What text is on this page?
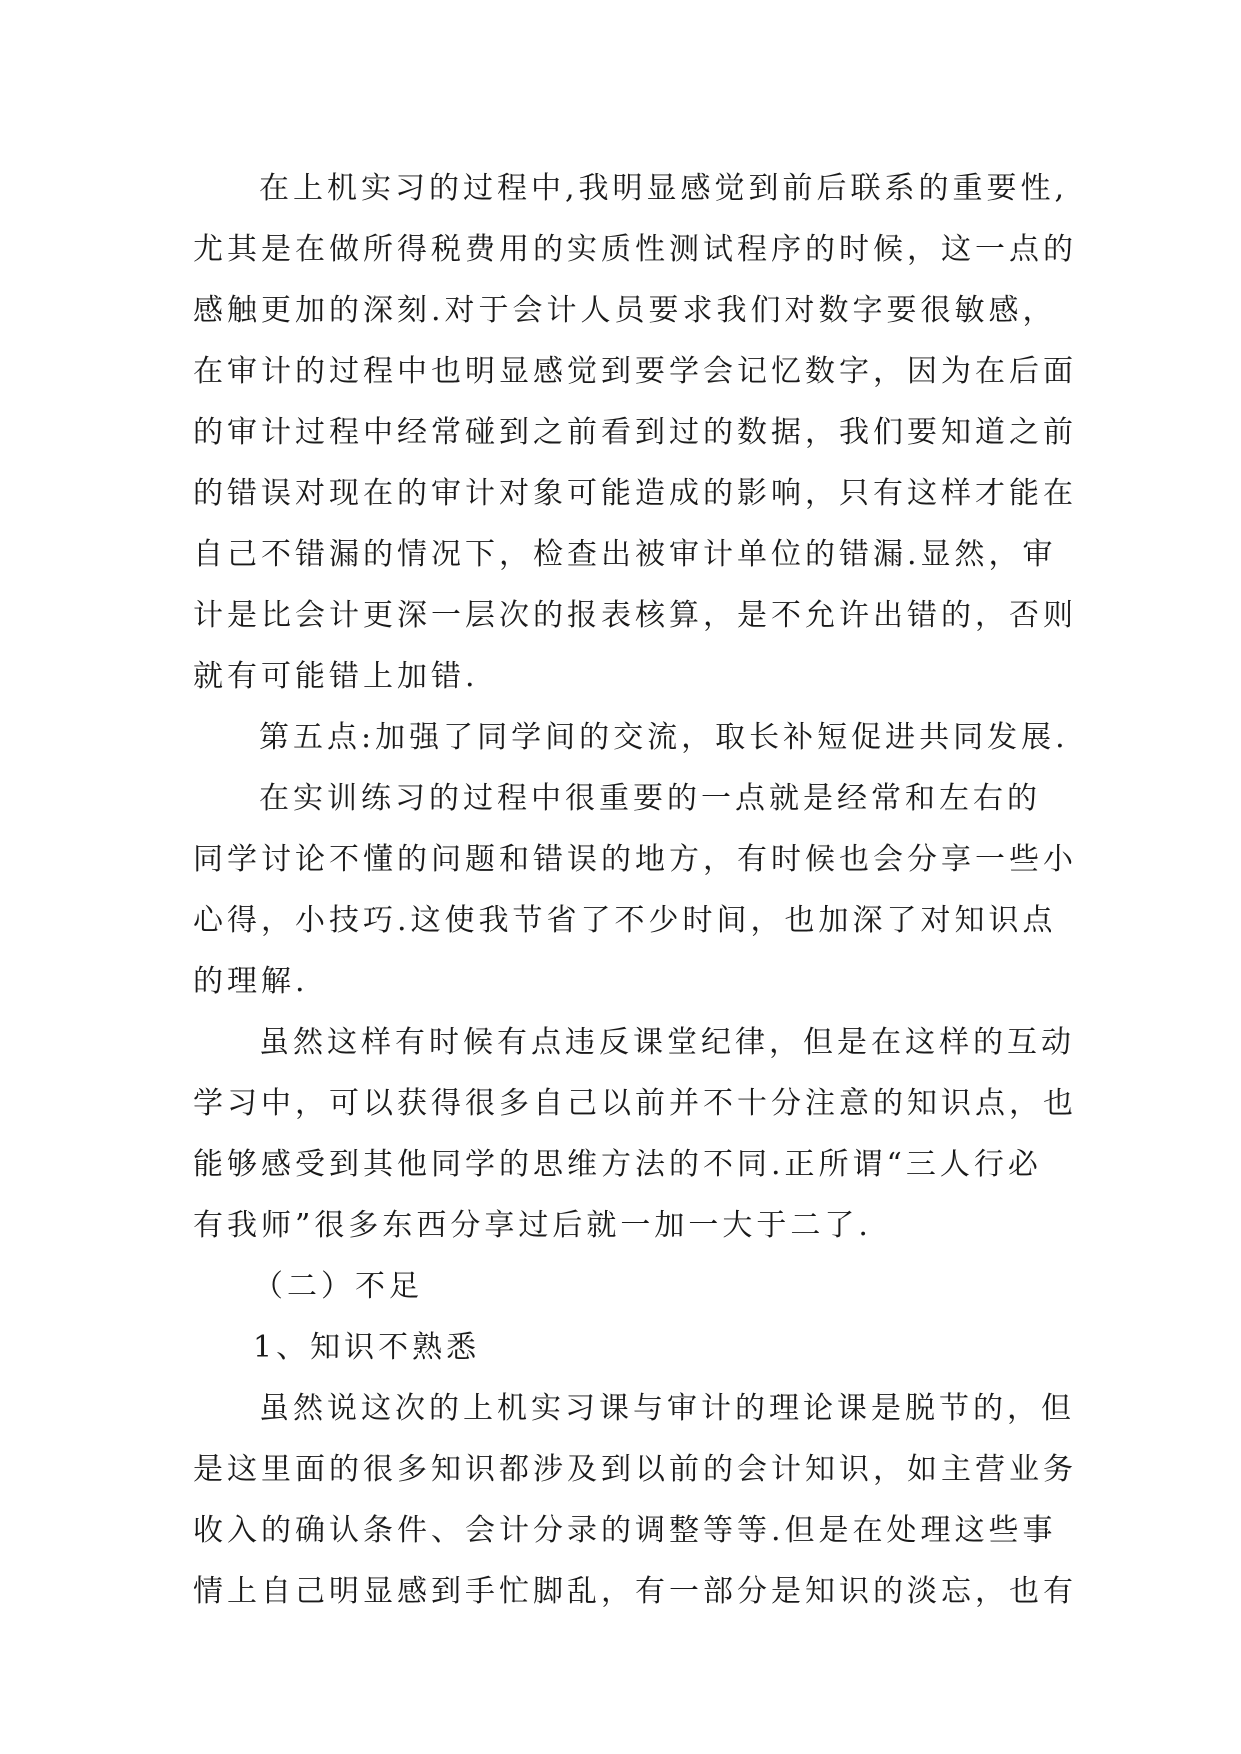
在上机实习的过程中,我明显感觉到前后联系的重要性,
尤其是在做所得税费用的实质性测试程序的时候，这一点的
感触更加的深刻.对于会计人员要求我们对数字要很敏感，
在审计的过程中也明显感觉到要学会记忆数字，因为在后面
的审计过程中经常碰到之前看到过的数据，我们要知道之前
的错误对现在的审计对象可能造成的影响，只有这样才能在
自己不错漏的情况下，检查出被审计单位的错漏.显然，审
计是比会计更深一层次的报表核算，是不允许出错的，否则
就有可能错上加错.
第五点:加强了同学间的交流，取长补短促进共同发展.
在实训练习的过程中很重要的一点就是经常和左右的
同学讨论不懂的问题和错误的地方，有时候也会分享一些小
心得，小技巧.这使我节省了不少时间，也加深了对知识点
的理解.
虽然这样有时候有点违反课堂纪律，但是在这样的互动
学习中，可以获得很多自己以前并不十分注意的知识点，也
能够感受到其他同学的思维方法的不同.正所谓“三人行必
有我师”很多东西分享过后就一加一大于二了.
（二）不足
1、知识不熟悉
虽然说这次的上机实习课与审计的理论课是脱节的，但
是这里面的很多知识都涉及到以前的会计知识，如主营业务
收入的确认条件、会计分录的调整等等.但是在处理这些事
情上自己明显感到手忙脚乱，有一部分是知识的淡忘，也有
